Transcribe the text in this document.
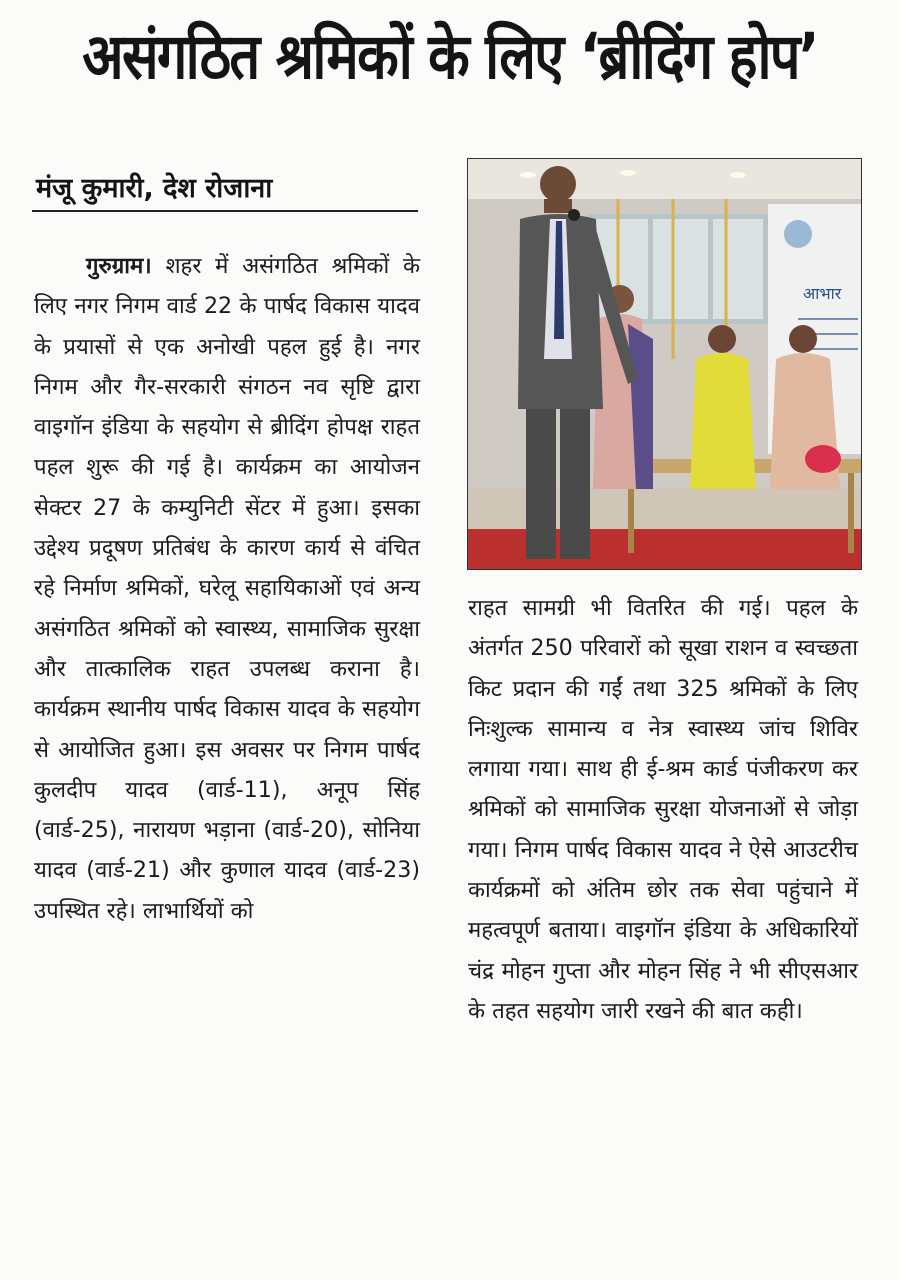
असंगठित श्रमिकों के लिए ‘ब्रीदिंग होप’
मंजू कुमारी, देश रोजाना

गुरुग्राम। शहर में असंगठित श्रमिकों के लिए नगर निगम वार्ड 22 के पार्षद विकास यादव के प्रयासों से एक अनोखी पहल हुई है। नगर निगम और गैर-सरकारी संगठन नव सृष्टि द्वारा वाइगॉन इंडिया के सहयोग से ब्रीदिंग होपक्ष राहत पहल शुरू की गई है। कार्यक्रम का आयोजन सेक्टर 27 के कम्युनिटी सेंटर में हुआ। इसका उद्देश्य प्रदूषण प्रतिबंध के कारण कार्य से वंचित रहे निर्माण श्रमिकों, घरेलू सहायिकाओं एवं अन्य असंगठित श्रमिकों को स्वास्थ्य, सामाजिक सुरक्षा और तात्कालिक राहत उपलब्ध कराना है। कार्यक्रम स्थानीय पार्षद विकास यादव के सहयोग से आयोजित हुआ। इस अवसर पर निगम पार्षद कुलदीप यादव (वार्ड-11), अनूप सिंह (वार्ड-25), नारायण भड़ाना (वार्ड-20), सोनिया यादव (वार्ड-21) और कुणाल यादव (वार्ड-23) उपस्थित रहे। लाभार्थियों को

आभार

राहत सामग्री भी वितरित की गई। पहल के अंतर्गत 250 परिवारों को सूखा राशन व स्वच्छता किट प्रदान की गईं तथा 325 श्रमिकों के लिए निःशुल्क सामान्य व नेत्र स्वास्थ्य जांच शिविर लगाया गया। साथ ही ई-श्रम कार्ड पंजीकरण कर श्रमिकों को सामाजिक सुरक्षा योजनाओं से जोड़ा गया। निगम पार्षद विकास यादव ने ऐसे आउटरीच कार्यक्रमों को अंतिम छोर तक सेवा पहुंचाने में महत्वपूर्ण बताया। वाइगॉन इंडिया के अधिकारियों चंद्र मोहन गुप्ता और मोहन सिंह ने भी सीएसआर के तहत सहयोग जारी रखने की बात कही।
